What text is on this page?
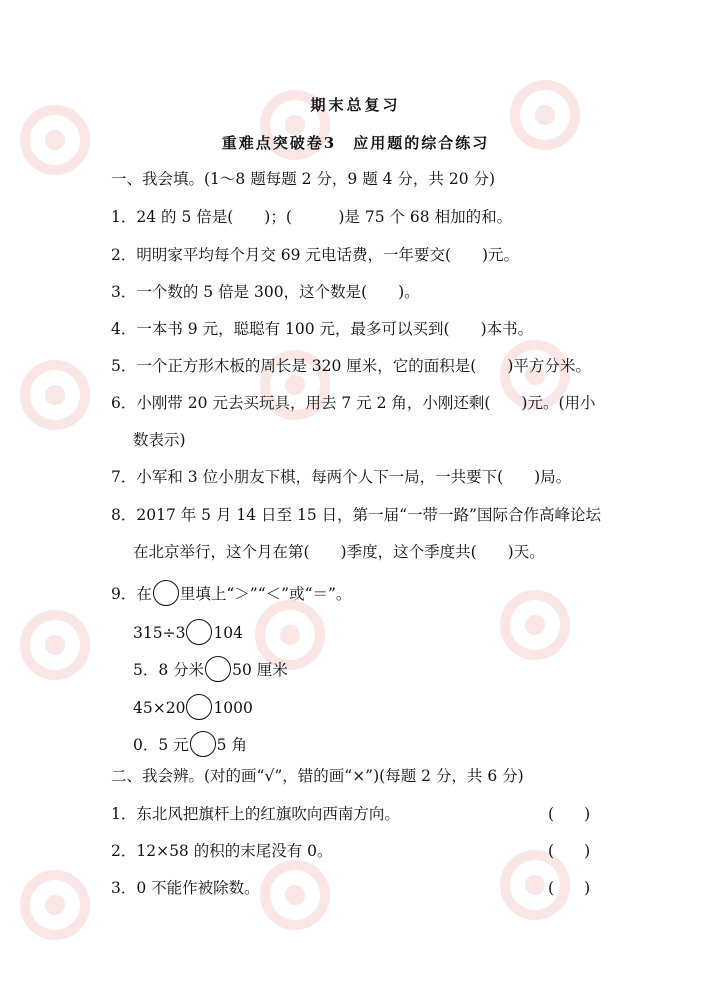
期末总复习
重难点突破卷3　应用题的综合练习
一、我会填。(1～8 题每题 2 分，9 题 4 分，共 20 分)
1．24 的 5 倍是(　　)；(　　　)是 75 个 68 相加的和。
2．明明家平均每个月交 69 元电话费，一年要交(　　)元。
3．一个数的 5 倍是 300，这个数是(　　)。
4．一本书 9 元，聪聪有 100 元，最多可以买到(　　)本书。
5．一个正方形木板的周长是 320 厘米，它的面积是(　　)平方分米。
6．小刚带 20 元去买玩具，用去 7 元 2 角，小刚还剩(　　)元。(用小
数表示)
7．小军和 3 位小朋友下棋，每两个人下一局，一共要下(　　)局。
8．2017 年 5 月 14 日至 15 日，第一届“一带一路”国际合作高峰论坛
在北京举行，这个月在第(　　)季度，这个季度共(　　)天。
9．在 里填上“＞”“＜”或“＝”。
315÷3 104
5．8 分米 50 厘米
45×20 1000
0．5 元 5 角
二、我会辨。(对的画“√”，错的画“×”)(每题 2 分，共 6 分)
1．东北风把旗杆上的红旗吹向西南方向。	( )
2．12×58 的积的末尾没有 0。	( )
3．0 不能作被除数。	( )
